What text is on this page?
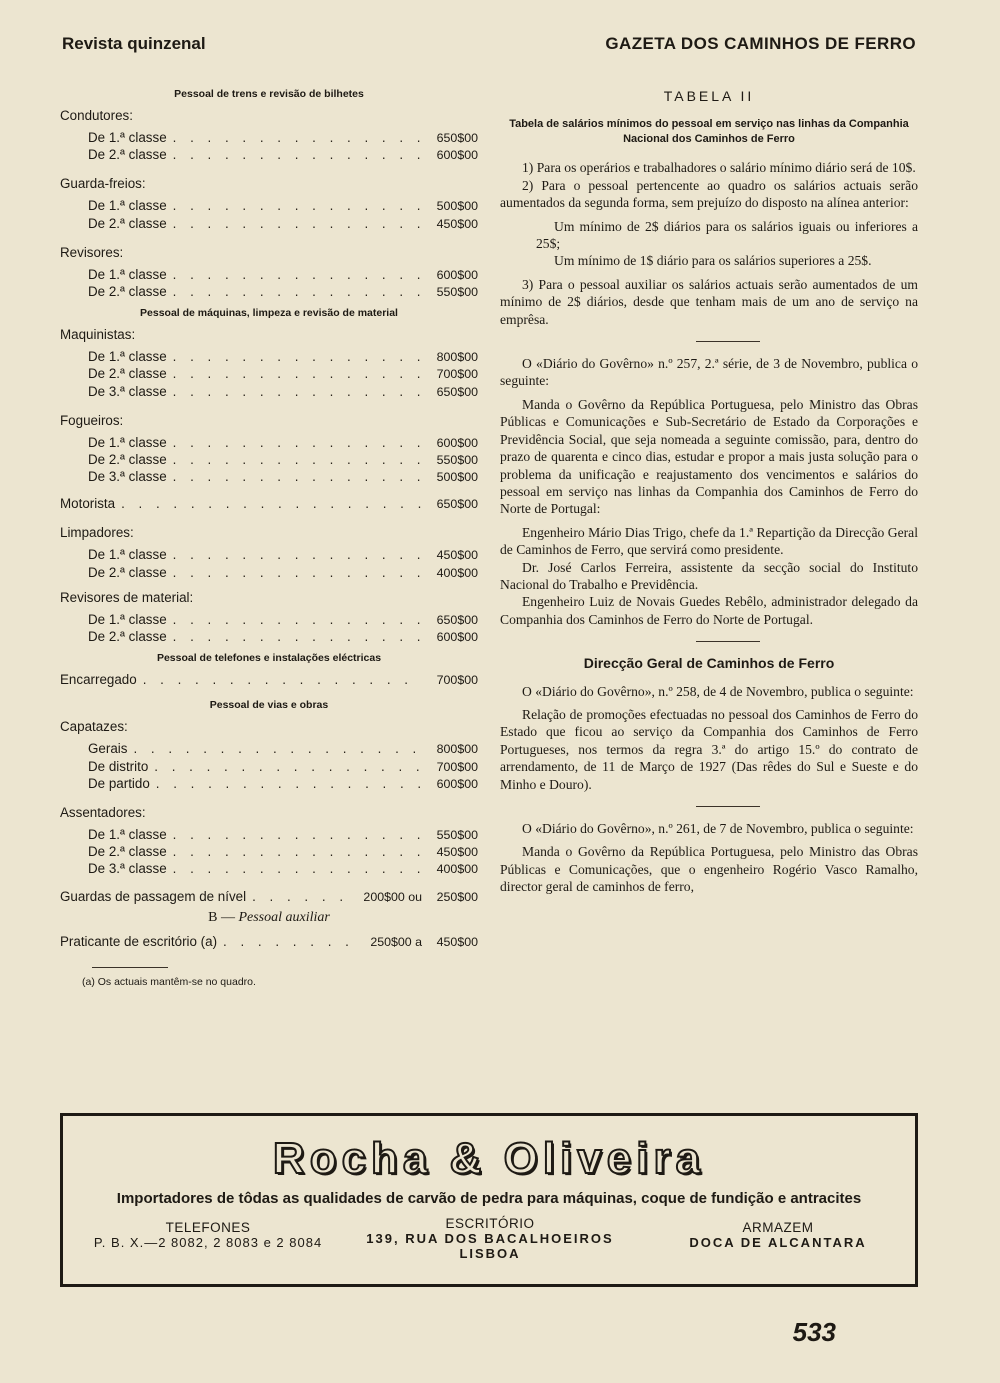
Revista quinzenal	GAZETA DOS CAMINHOS DE FERRO
Pessoal de trens e revisão de bilhetes
Condutores:
De 1.ª classe . . .	650$00
De 2.ª classe . . .	600$00
Guarda-freios:
De 1.ª classe . . .	500$00
De 2.ª classe . . .	450$00
Revisores:
De 1.ª classe . . .	600$00
De 2.ª classe . . .	550$00
Pessoal de máquinas, limpeza e revisão de material
Maquinistas:
De 1.ª classe . . .	800$00
De 2.ª classe . . .	700$00
De 3.ª classe . . .	650$00
Fogueiros:
De 1.ª classe . . .	600$00
De 2.ª classe . . .	550$00
De 3.ª classe . . .	500$00
Motorista . . .	650$00
Limpadores:
De 1.ª classe . . .	450$00
De 2.ª classe . . .	400$00
Revisores de material:
De 1.ª classe . . .	650$00
De 2.ª classe . . .	600$00
Pessoal de telefones e instalações eléctricas
Encarregado . . .	700$00
Pessoal de vias e obras
Capatazes:
Gerais . . .	800$00
De distrito . . .	700$00
De partido . . .	600$00
Assentadores:
De 1.ª classe . . .	550$00
De 2.ª classe . . .	450$00
De 3.ª classe . . .	400$00
Guardas de passagem de nível . . .	200$00 ou	250$00
B — Pessoal auxiliar
Praticante de escritório (a) . . .	250$00 a	450$00
(a) Os actuais mantêm-se no quadro.
TABELA II
Tabela de salários mínimos do pessoal em serviço nas linhas da Companhia Nacional dos Caminhos de Ferro

1) Para os operários e trabalhadores o salário mínimo diário será de 10$.

2) Para o pessoal pertencente ao quadro os salários actuais serão aumentados da segunda forma, sem prejuízo do disposto na alínea anterior:

Um mínimo de 2$ diários para os salários iguais ou inferiores a 25$;

Um mínimo de 1$ diário para os salários superiores a 25$.

3) Para o pessoal auxiliar os salários actuais serão aumentados de um mínimo de 2$ diários, desde que tenham mais de um ano de serviço na emprêsa.

O «Diário do Govêrno» n.º 257, 2.ª série, de 3 de Novembro, publica o seguinte:

Manda o Govêrno da República Portuguesa, pelo Ministro das Obras Públicas e Comunicações e Sub-Secretário de Estado da Corporações e Previdência Social, que seja nomeada a seguinte comissão, para, dentro do prazo de quarenta e cinco dias, estudar e propor a mais justa solução para o problema da unificação e reajustamento dos vencimentos e salários do pessoal em serviço nas linhas da Companhia dos Caminhos de Ferro do Norte de Portugal:

Engenheiro Mário Dias Trigo, chefe da 1.ª Repartição da Direcção Geral de Caminhos de Ferro, que servirá como presidente.

Dr. José Carlos Ferreira, assistente da secção social do Instituto Nacional do Trabalho e Previdência.

Engenheiro Luiz de Novais Guedes Rebêlo, administrador delegado da Companhia dos Caminhos de Ferro do Norte de Portugal.

Direcção Geral de Caminhos de Ferro

O «Diário do Govêrno», n.º 258, de 4 de Novembro, publica o seguinte:

Relação de promoções efectuadas no pessoal dos Caminhos de Ferro do Estado que ficou ao serviço da Companhia dos Caminhos de Ferro Portugueses, nos termos da regra 3.ª do artigo 15.º do contrato de arrendamento, de 11 de Março de 1927 (Das rêdes do Sul e Sueste e do Minho e Douro).

O «Diário do Govêrno», n.º 261, de 7 de Novembro, publica o seguinte:

Manda o Govêrno da República Portuguesa, pelo Ministro das Obras Públicas e Comunicações, que o engenheiro Rogério Vasco Ramalho, director geral de caminhos de ferro,

Rocha & Oliveira
Importadores de tôdas as qualidades de carvão de pedra para máquinas, coque de fundição e antracites
TELEFONES
P. B. X.—2 8082, 2 8083 e 2 8084
ESCRITÓRIO
139, RUA DOS BACALHOEIROS
LISBOA
ARMAZEM
DOCA DE ALCANTARA
533
